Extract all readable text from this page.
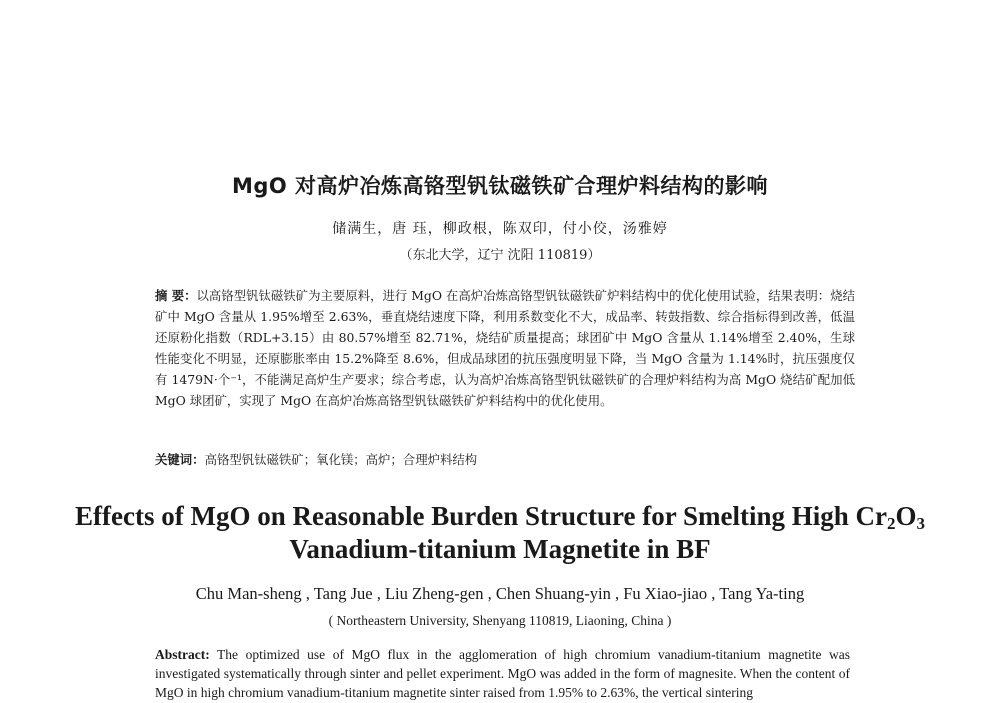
MgO 对高炉冶炼高铬型钒钛磁铁矿合理炉料结构的影响
储满生，唐 珏，柳政根，陈双印，付小佼，汤雅婷
（东北大学，辽宁 沈阳 110819）
摘 要：以高铬型钒钛磁铁矿为主要原料，进行 MgO 在高炉冶炼高铬型钒钛磁铁矿炉料结构中的优化使用试验，结果表明：烧结矿中 MgO 含量从 1.95%增至 2.63%，垂直烧结速度下降，利用系数变化不大，成品率、转鼓指数、综合指标得到改善，低温还原粉化指数（RDL+3.15）由 80.57%增至 82.71%，烧结矿质量提高；球团矿中 MgO 含量从 1.14%增至 2.40%，生球性能变化不明显，还原膨胀率由 15.2%降至 8.6%，但成品球团的抗压强度明显下降，当 MgO 含量为 1.14%时，抗压强度仅有 1479N·个⁻¹，不能满足高炉生产要求；综合考虑，认为高炉冶炼高铬型钒钛磁铁矿的合理炉料结构为高 MgO 烧结矿配加低 MgO 球团矿，实现了 MgO 在高炉冶炼高铬型钒钛磁铁矿炉料结构中的优化使用。
关键词：高铬型钒钛磁铁矿；氧化镁；高炉；合理炉料结构
Effects of MgO on Reasonable Burden Structure for Smelting High $Cr_2O_3$
Vanadium-titanium Magnetite in BF
Chu Man-sheng , Tang Jue , Liu Zheng-gen , Chen Shuang-yin , Fu Xiao-jiao , Tang Ya-ting
( Northeastern University, Shenyang 110819, Liaoning, China )
Abstract: The optimized use of MgO flux in the agglomeration of high chromium vanadium-titanium magnetite was investigated systematically through sinter and pellet experiment. MgO was added in the form of magnesite. When the content of MgO in high chromium vanadium-titanium magnetite sinter raised from 1.95% to 2.63%, the vertical sintering
